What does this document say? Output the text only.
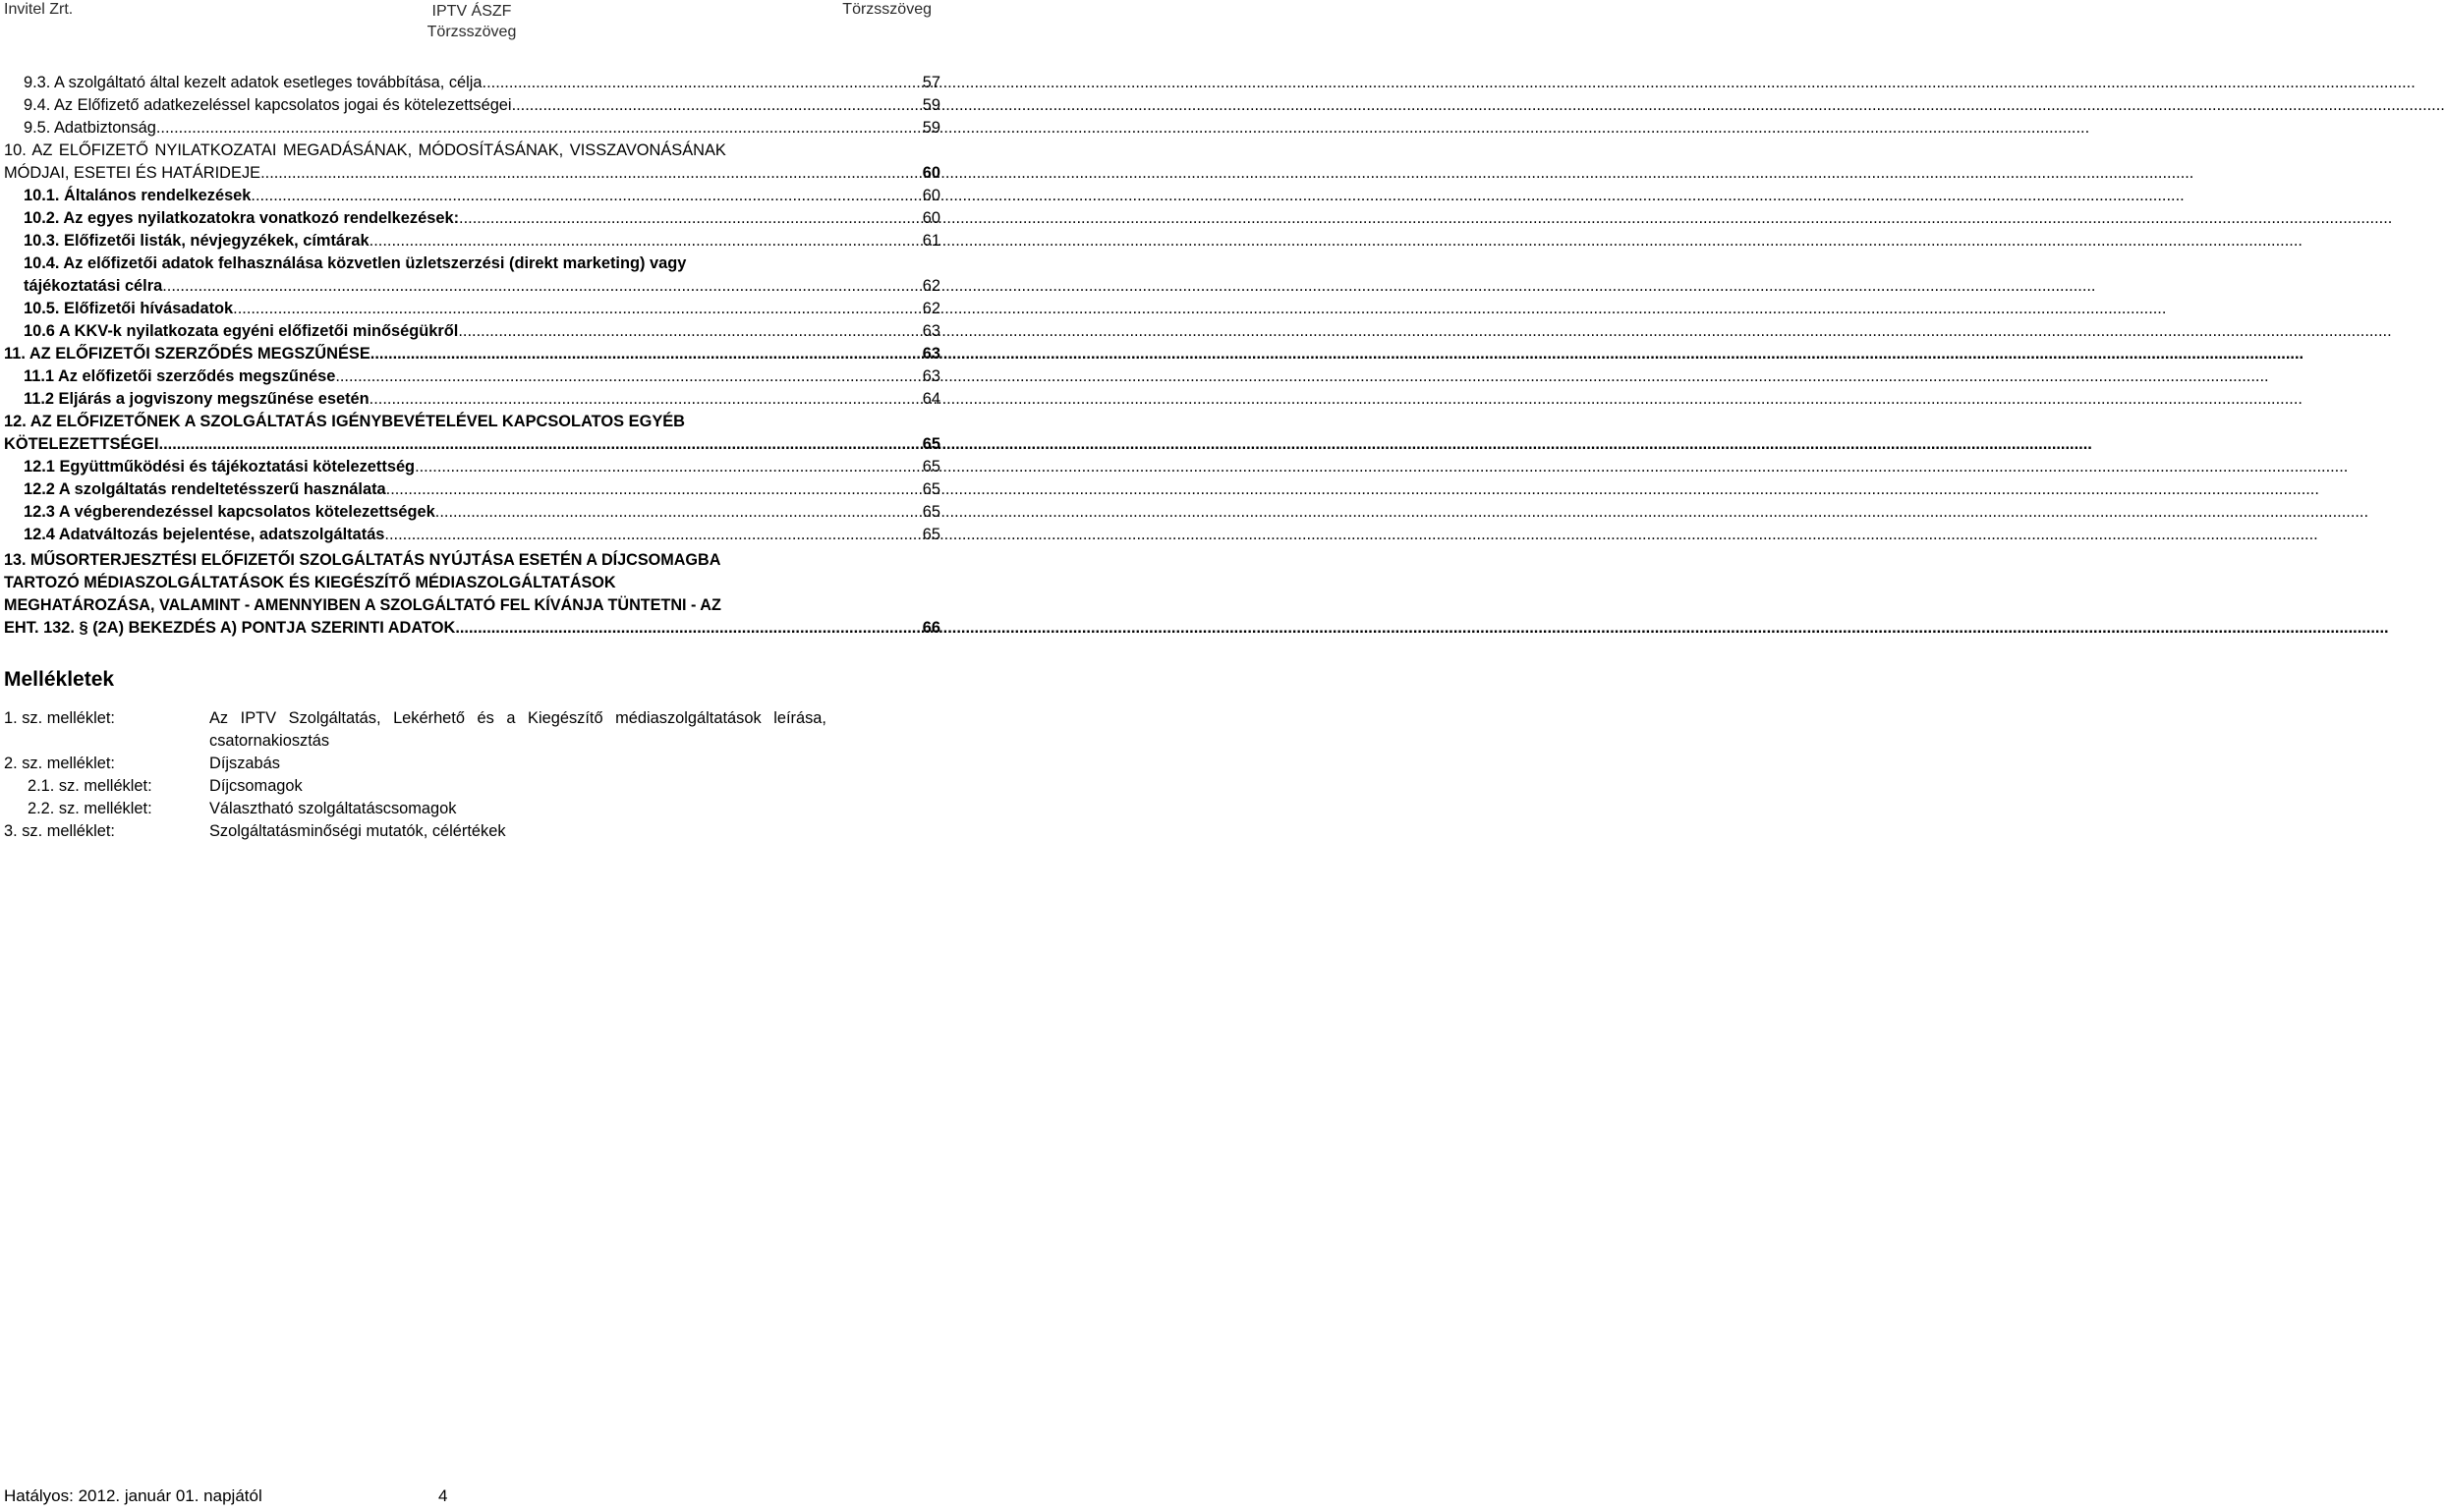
Invitel Zrt.	IPTV ÁSZF
Törzsszöveg
Törzsszöveg
9.3. A szolgáltató által kezelt adatok esetleges továbbítása, célja .....	57
9.4. Az Előfizető adatkezeléssel kapcsolatos jogai és kötelezettségei .....	59
9.5. Adatbiztonság .....	59
10. AZ ELŐFIZETŐ NYILATKOZATAI MEGADÁSÁNAK, MÓDOSÍTÁSÁNAK, VISSZAVONÁSÁNAK
MÓDJAI, ESETEI ÉS HATÁRIDEJE .....	60
10.1. Általános rendelkezések .....	60
10.2. Az egyes nyilatkozatokra vonatkozó rendelkezések: .....	60
10.3. Előfizetői listák, névjegyzékek, címtárak .....	61
10.4. Az előfizetői adatok felhasználása közvetlen üzletszerzési (direkt marketing) vagy
tájékoztatási célra .....	62
10.5. Előfizetői hívásadatok .....	62
10.6 A KKV-k nyilatkozata egyéni előfizetői minőségükről .....	63
11. AZ ELŐFIZETŐI SZERZŐDÉS MEGSZŰNÉSE .....	63
11.1 Az előfizetői szerződés megszűnése .....	63
11.2 Eljárás a jogviszony megszűnése esetén .....	64
12. AZ ELŐFIZETŐNEK A SZOLGÁLTATÁS IGÉNYBEVÉTELÉVEL KAPCSOLATOS EGYÉB
KÖTELEZETTSÉGEI .....	65
12.1 Együttműködési és tájékoztatási kötelezettség .....	65
12.2 A szolgáltatás rendeltetésszerű használata .....	65
12.3 A végberendezéssel kapcsolatos kötelezettségek .....	65
12.4 Adatváltozás bejelentése, adatszolgáltatás .....	65
13. MŰSORTERJESZTÉSI ELŐFIZETŐI SZOLGÁLTATÁS NYÚJTÁSA ESETÉN A DÍJCSOMAGBA
TARTOZÓ MÉDIASZOLGÁLTATÁSOK ÉS KIEGÉSZÍTŐ MÉDIASZOLGÁLTATÁSOK
MEGHATÁROZÁSA, VALAMINT - AMENNYIBEN A SZOLGÁLTATÓ FEL KÍVÁNJA TÜNTETNI - AZ
EHT. 132. § (2A) BEKEZDÉS A) PONTJA SZERINTI ADATOK .....	66
Mellékletek
1. sz. melléklet:	Az IPTV Szolgáltatás, Lekérhető és a Kiegészítő médiaszolgáltatások leírása,
csatornakiosztás
2. sz. melléklet:	Díjszabás
2.1. sz. melléklet:	Díjcsomagok
2.2. sz. melléklet:	Választható szolgáltatáscsomagok
3. sz. melléklet:	Szolgáltatásminőségi mutatók, célértékek
Hatályos: 2012. január 01. napjától	4
